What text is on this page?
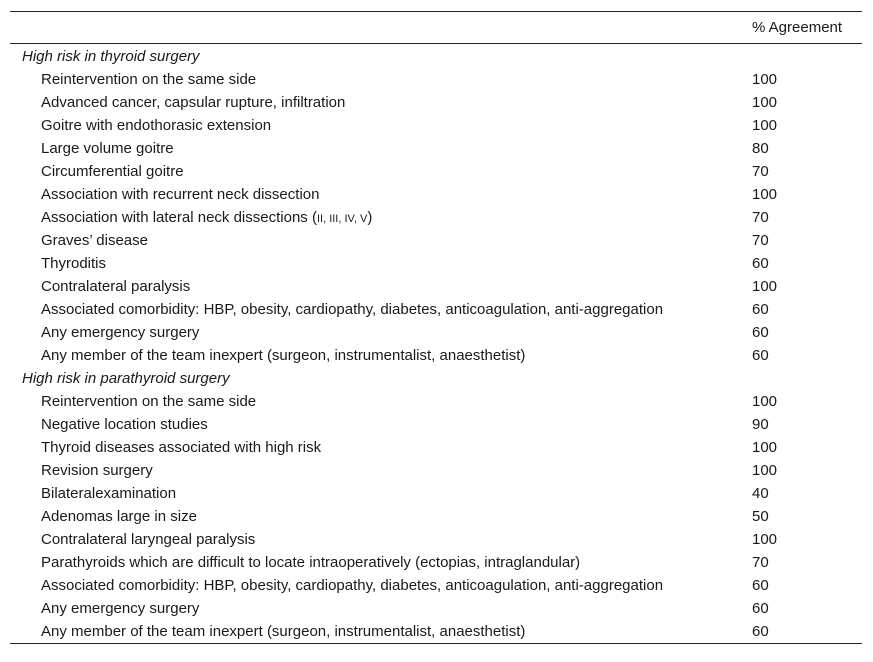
% Agreement
High risk in thyroid surgery
Reintervention on the same side	100
Advanced cancer, capsular rupture, infiltration	100
Goitre with endothorasic extension	100
Large volume goitre	80
Circumferential goitre	70
Association with recurrent neck dissection	100
Association with lateral neck dissections (II, III, IV, V)	70
Graves’ disease	70
Thyroditis	60
Contralateral paralysis	100
Associated comorbidity: HBP, obesity, cardiopathy, diabetes, anticoagulation, anti-aggregation	60
Any emergency surgery	60
Any member of the team inexpert (surgeon, instrumentalist, anaesthetist)	60
High risk in parathyroid surgery
Reintervention on the same side	100
Negative location studies	90
Thyroid diseases associated with high risk	100
Revision surgery	100
Bilateralexamination	40
Adenomas large in size	50
Contralateral laryngeal paralysis	100
Parathyroids which are difficult to locate intraoperatively (ectopias, intraglandular)	70
Associated comorbidity: HBP, obesity, cardiopathy, diabetes, anticoagulation, anti-aggregation	60
Any emergency surgery	60
Any member of the team inexpert (surgeon, instrumentalist, anaesthetist)	60
